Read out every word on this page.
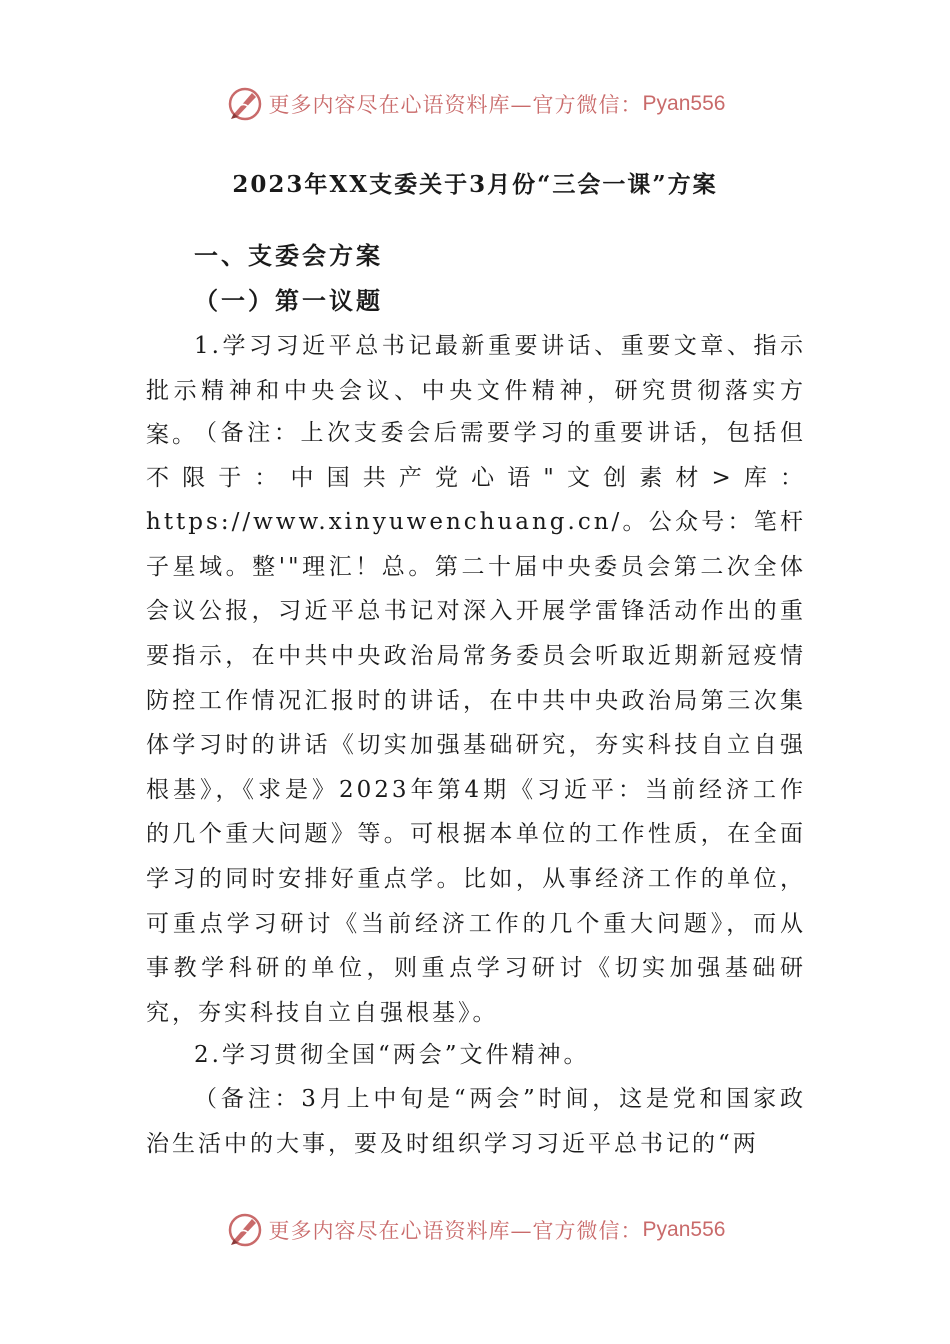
更多内容尽在心语资料库—官方微信： Pyan556
2023年XX支委关于3月份“三会一课”方案
一、支委会方案
（一）第一议题

1.学习习近平总书记最新重要讲话、重要文章、指示批示精神和中央会议、中央文件精神，研究贯彻落实方案。

（备注：上次支委会后需要学习的重要讲话，包括但不限于：中国共产党心语"文创素材>库：https://www.xinyuwenchuang.cn/。公众号：笔杆子星域。整'"理汇！总。第二十届中央委员会第二次全体会议公报，习近平总书记对深入开展学雷锋活动作出的重要指示，在中共中央政治局常务委员会听取近期新冠疫情防控工作情况汇报时的讲话，在中共中央政治局第三次集体学习时的讲话《切实加强基础研究，夯实科技自立自强根基》，《求是》2023年第4期《习近平：当前经济工作的几个重大问题》等。可根据本单位的工作性质，在全面学习的同时安排好重点学。比如，从事经济工作的单位，可重点学习研讨《当前经济工作的几个重大问题》，而从事教学科研的单位，则重点学习研讨《切实加强基础研究，夯实科技自立自强根基》。

2.学习贯彻全国“两会”文件精神。

（备注：3月上中旬是“两会”时间，这是党和国家政治生活中的大事，要及时组织学习习近平总书记的“两

更多内容尽在心语资料库—官方微信： Pyan556
